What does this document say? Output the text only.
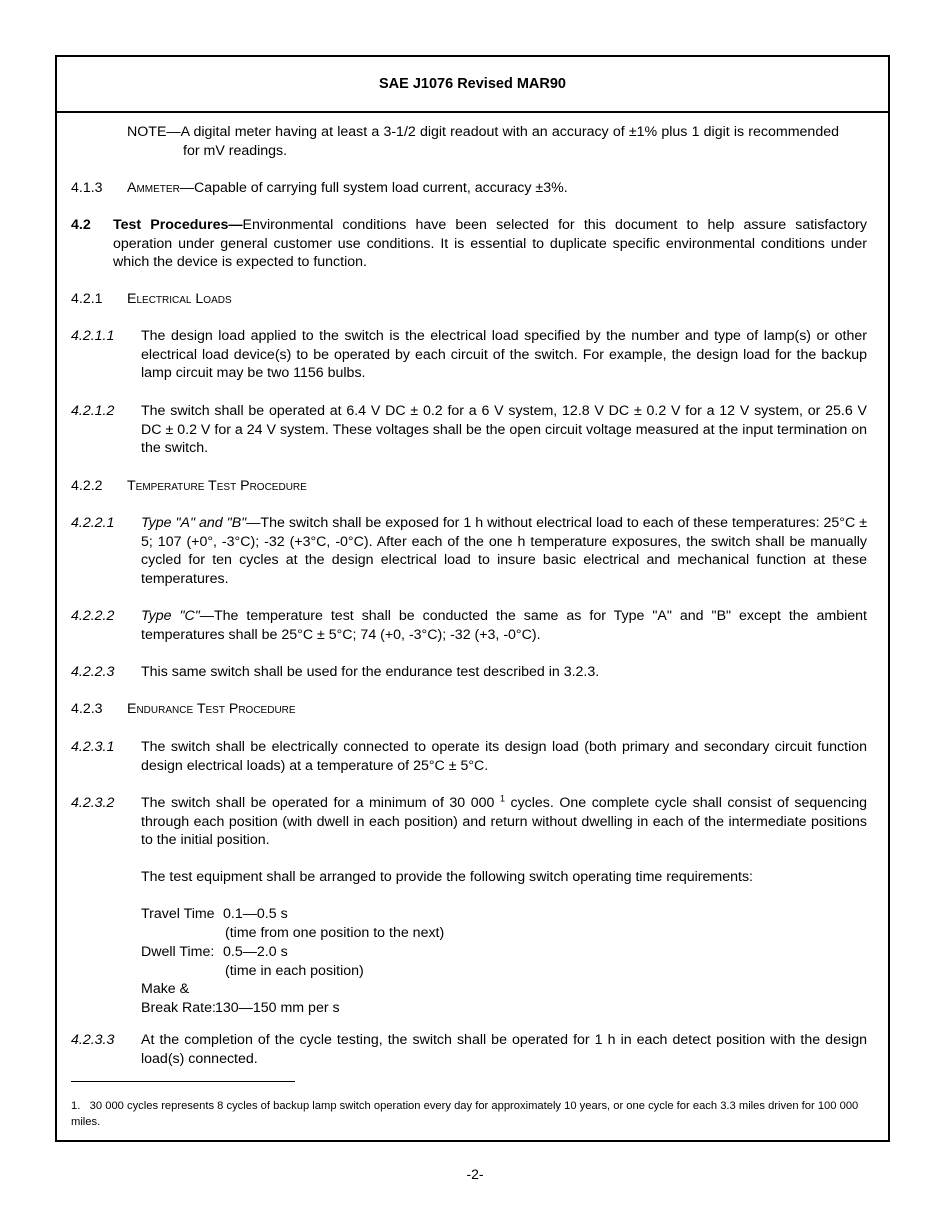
SAE J1076 Revised MAR90
NOTE—A digital meter having at least a 3-1/2 digit readout with an accuracy of ±1% plus 1 digit is recommended for mV readings.
4.1.3 Ammeter—Capable of carrying full system load current, accuracy ±3%.
4.2 Test Procedures—Environmental conditions have been selected for this document to help assure satisfactory operation under general customer use conditions. It is essential to duplicate specific environmental conditions under which the device is expected to function.
4.2.1 Electrical Loads
4.2.1.1 The design load applied to the switch is the electrical load specified by the number and type of lamp(s) or other electrical load device(s) to be operated by each circuit of the switch. For example, the design load for the backup lamp circuit may be two 1156 bulbs.
4.2.1.2 The switch shall be operated at 6.4 V DC ± 0.2 for a 6 V system, 12.8 V DC ± 0.2 V for a 12 V system, or 25.6 V DC ± 0.2 V for a 24 V system. These voltages shall be the open circuit voltage measured at the input termination on the switch.
4.2.2 Temperature Test Procedure
4.2.2.1 Type "A" and "B"—The switch shall be exposed for 1 h without electrical load to each of these temperatures: 25°C ± 5; 107 (+0°, -3°C); -32 (+3°C, -0°C). After each of the one h temperature exposures, the switch shall be manually cycled for ten cycles at the design electrical load to insure basic electrical and mechanical function at these temperatures.
4.2.2.2 Type "C"—The temperature test shall be conducted the same as for Type "A" and "B" except the ambient temperatures shall be 25°C ± 5°C; 74 (+0, -3°C); -32 (+3, -0°C).
4.2.2.3 This same switch shall be used for the endurance test described in 3.2.3.
4.2.3 Endurance Test Procedure
4.2.3.1 The switch shall be electrically connected to operate its design load (both primary and secondary circuit function design electrical loads) at a temperature of 25°C ± 5°C.
4.2.3.2 The switch shall be operated for a minimum of 30 000 $^1$ cycles. One complete cycle shall consist of sequencing through each position (with dwell in each position) and return without dwelling in each of the intermediate positions to the initial position.
The test equipment shall be arranged to provide the following switch operating time requirements:
Travel Time 0.1—0.5 s
(time from one position to the next)
Dwell Time: 0.5—2.0 s
(time in each position)
Make &
Break Rate: 130—150 mm per s
4.2.3.3 At the completion of the cycle testing, the switch shall be operated for 1 h in each detect position with the design load(s) connected.
1. 30 000 cycles represents 8 cycles of backup lamp switch operation every day for approximately 10 years, or one cycle for each 3.3 miles driven for 100 000 miles.
-2-
